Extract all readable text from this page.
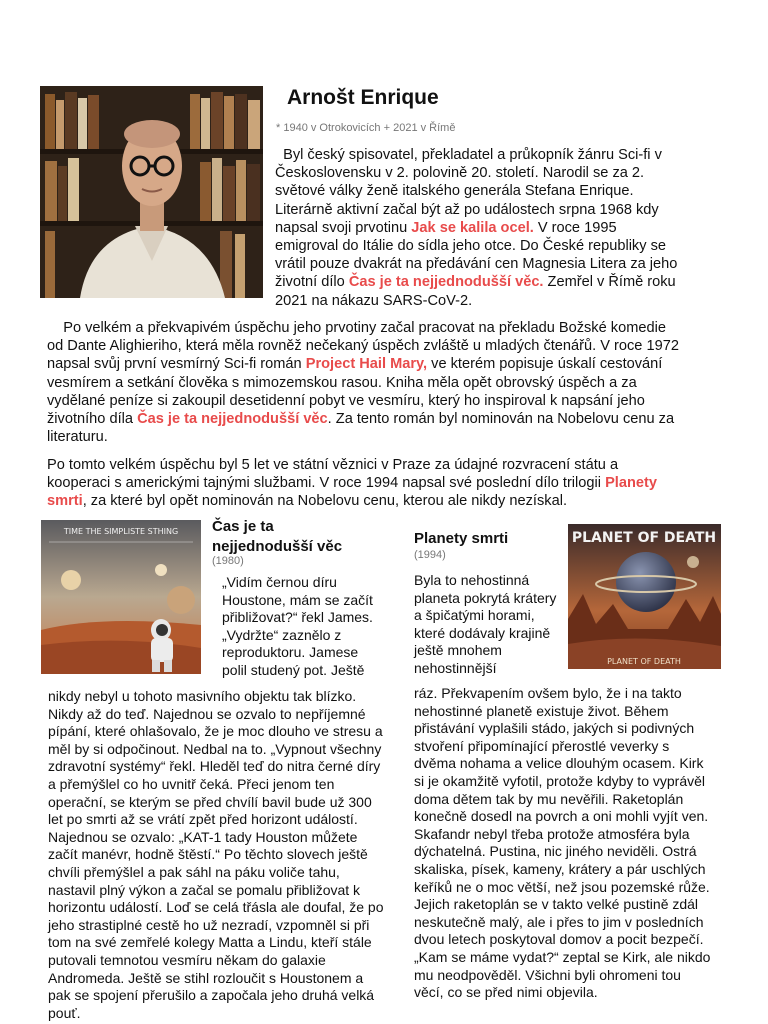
Arnošt Enrique
* 1940 v Otrokovicích + 2021 v Římě
Byl český spisovatel, překladatel a průkopník žánru Sci-fi v Československu v 2. polovině 20. století. Narodil se za 2. světové války ženě italského generála Stefana Enrique. Literárně aktivní začal být až po událostech srpna 1968 kdy napsal svoji prvotinu Jak se kalila ocel. V roce 1995 emigroval do Itálie do sídla jeho otce. Do České republiky se vrátil pouze dvakrát na předávání cen Magnesia Litera za jeho životní dílo Čas je ta nejjednodušší věc. Zemřel v Římě roku 2021 na nákazu SARS-CoV-2.
Po velkém a překvapivém úspěchu jeho prvotiny začal pracovat na překladu Božské komedie od Dante Alighieriho, která měla rovněž nečekaný úspěch zvláště u mladých čtenářů. V roce 1972 napsal svůj první vesmírný Sci-fi román Project Hail Mary, ve kterém popisuje úskalí cestování vesmírem a setkání člověka s mimozemskou rasou. Kniha měla opět obrovský úspěch a za vydělané peníze si zakoupil desetidenní pobyt ve vesmíru, který ho inspiroval k napsání jeho životního díla Čas je ta nejjednodušší věc. Za tento román byl nominován na Nobelovu cenu za literaturu.
Po tomto velkém úspěchu byl 5 let ve státní věznici v Praze za údajné rozvracení státu a kooperaci s americkými tajnými službami. V roce 1994 napsal své poslední dílo trilogii Planety smrti, za které byl opět nominován na Nobelovu cenu, kterou ale nikdy nezískal.
TIME THE SIMPLISTE STHING Čas je ta nejjednodušší věc
(1980)
„Vidím černou díru Houstone, mám se začít přibližovat?“ řekl James. „Vydržte“ zaznělo z reproduktoru. Jamese polil studený pot. Ještě
nikdy nebyl u tohoto masivního objektu tak blízko. Nikdy až do teď. Najednou se ozvalo to nepříjemné pípání, které ohlašovalo, že je moc dlouho ve stresu a měl by si odpočinout. Nedbal na to. „Vypnout všechny zdravotní systémy“ řekl. Hleděl teď do nitra černé díry a přemýšlel co ho uvnitř čeká. Přeci jenom ten operační, se kterým se před chvílí bavil bude už 300 let po smrti až se vrátí zpět před horizont událostí. Najednou se ozvalo: „KAT-1 tady Houston můžete začít manévr, hodně štěstí.“ Po těchto slovech ještě chvíli přemýšlel a pak sáhl na páku voliče tahu, nastavil plný výkon a začal se pomalu přibližovat k horizontu událostí. Loď se celá třásla ale doufal, že po jeho strastiplné cestě ho už nezradí, vzpomněl si při tom na své zemřelé kolegy Matta a Lindu, kteří stále putovali temnotou vesmíru někam do galaxie Andromeda. Ještě se stihl rozloučit s Houstonem a pak se spojení přerušilo a započala jeho druhá velká pouť.
Planety smrti
(1994)
Byla to nehostinná planeta pokrytá krátery a špičatými horami, které dodávaly krajině ještě mnohem nehostinnější
PLANET OF DEATH
PLANET OF DEATH
ráz. Překvapením ovšem bylo, že i na takto nehostinné planetě existuje život. Během přistávání vyplašili stádo, jakých si podivných stvoření připomínající přerostlé veverky s dvěma nohama a velice dlouhým ocasem. Kirk si je okamžitě vyfotil, protože kdyby to vyprávěl doma dětem tak by mu nevěřili. Raketoplán konečně dosedl na povrch a oni mohli vyjít ven. Skafandr nebyl třeba protože atmosféra byla dýchatelná. Pustina, nic jiného neviděli. Ostrá skaliska, písek, kameny, krátery a pár uschlých keříků ne o moc větší, než jsou pozemské růže. Jejich raketoplán se v takto velké pustině zdál neskutečně malý, ale i přes to jim v posledních dvou letech poskytoval domov a pocit bezpečí. „Kam se máme vydat?“ zeptal se Kirk, ale nikdo mu neodpověděl. Všichni byli ohromeni tou věcí, co se před nimi objevila.
